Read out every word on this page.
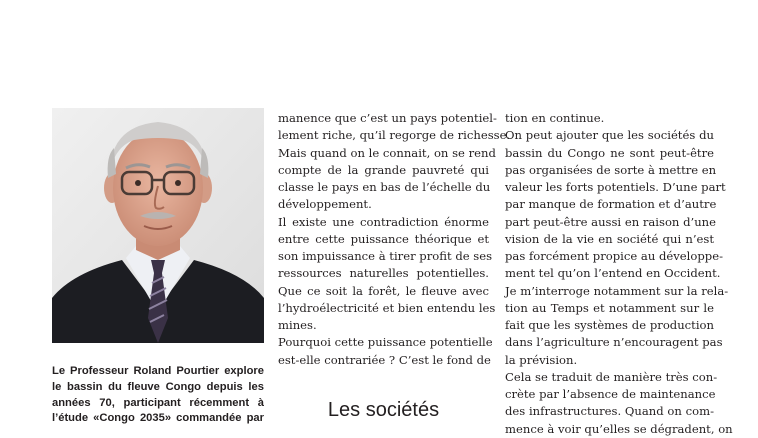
Le Professeur Roland Pourtier explore
le bassin du fleuve Congo depuis les
années 70, participant récemment à
l’étude «Congo 2035» commandée par
manence que c’est un pays potentiel-
lement riche, qu’il regorge de richesse.
Mais quand on le connait, on se rend
compte de la grande pauvreté qui
classe le pays en bas de l’échelle du
développement.
Il existe une contradiction énorme
entre cette puissance théorique et
son impuissance à tirer profit de ses
ressources naturelles potentielles.
Que ce soit la forêt, le fleuve avec
l’hydroélectricité et bien entendu les
mines.
Pourquoi cette puissance potentielle
est-elle contrariée ? C’est le fond de
Les sociétés
tion en continue.
On peut ajouter que les sociétés du
bassin du Congo ne sont peut-être
pas organisées de sorte à mettre en
valeur les forts potentiels. D’une part
par manque de formation et d’autre
part peut-être aussi en raison d’une
vision de la vie en société qui n’est
pas forcément propice au développe-
ment tel qu’on l’entend en Occident.
Je m’interroge notamment sur la rela-
tion au Temps et notamment sur le
fait que les systèmes de production
dans l’agriculture n’encouragent pas
la prévision.
Cela se traduit de manière très con-
crète par l’absence de maintenance
des infrastructures. Quand on com-
mence à voir qu’elles se dégradent, on
